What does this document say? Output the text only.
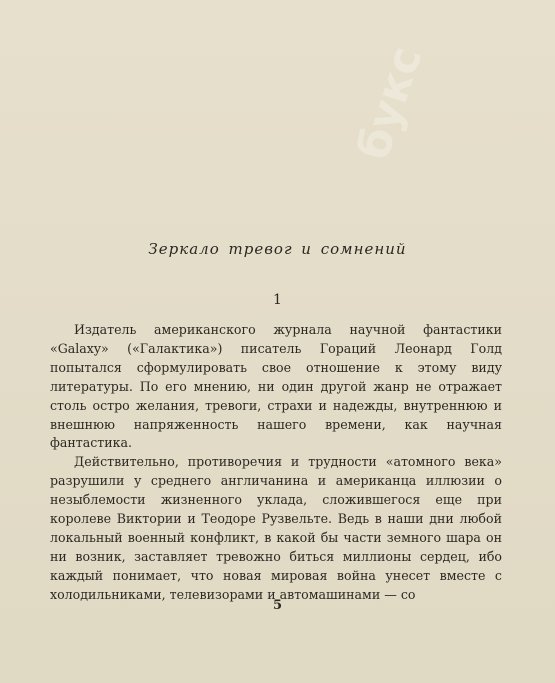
букс
Зеркало тревог и сомнений
1

Издатель американского журнала научной фантастики «Galaxy» («Галактика») писатель Гораций Леонард Голд попытался сформулировать свое отношение к этому виду литературы. По его мнению, ни один другой жанр не отражает столь остро желания, тревоги, страхи и надежды, внутреннюю и внешнюю напряженность нашего времени, как научная фантастика.

Действительно, противоречия и трудности «атомного века» разрушили у среднего англичанина и американца иллюзии о незыблемости жизненного уклада, сложившегося еще при королеве Виктории и Теодоре Рузвельте. Ведь в наши дни любой локальный военный конфликт, в какой бы части земного шара он ни возник, заставляет тревожно биться миллионы сердец, ибо каждый понимает, что новая мировая война унесет вместе с холодильниками, телевизорами и автомашинами — со

5
